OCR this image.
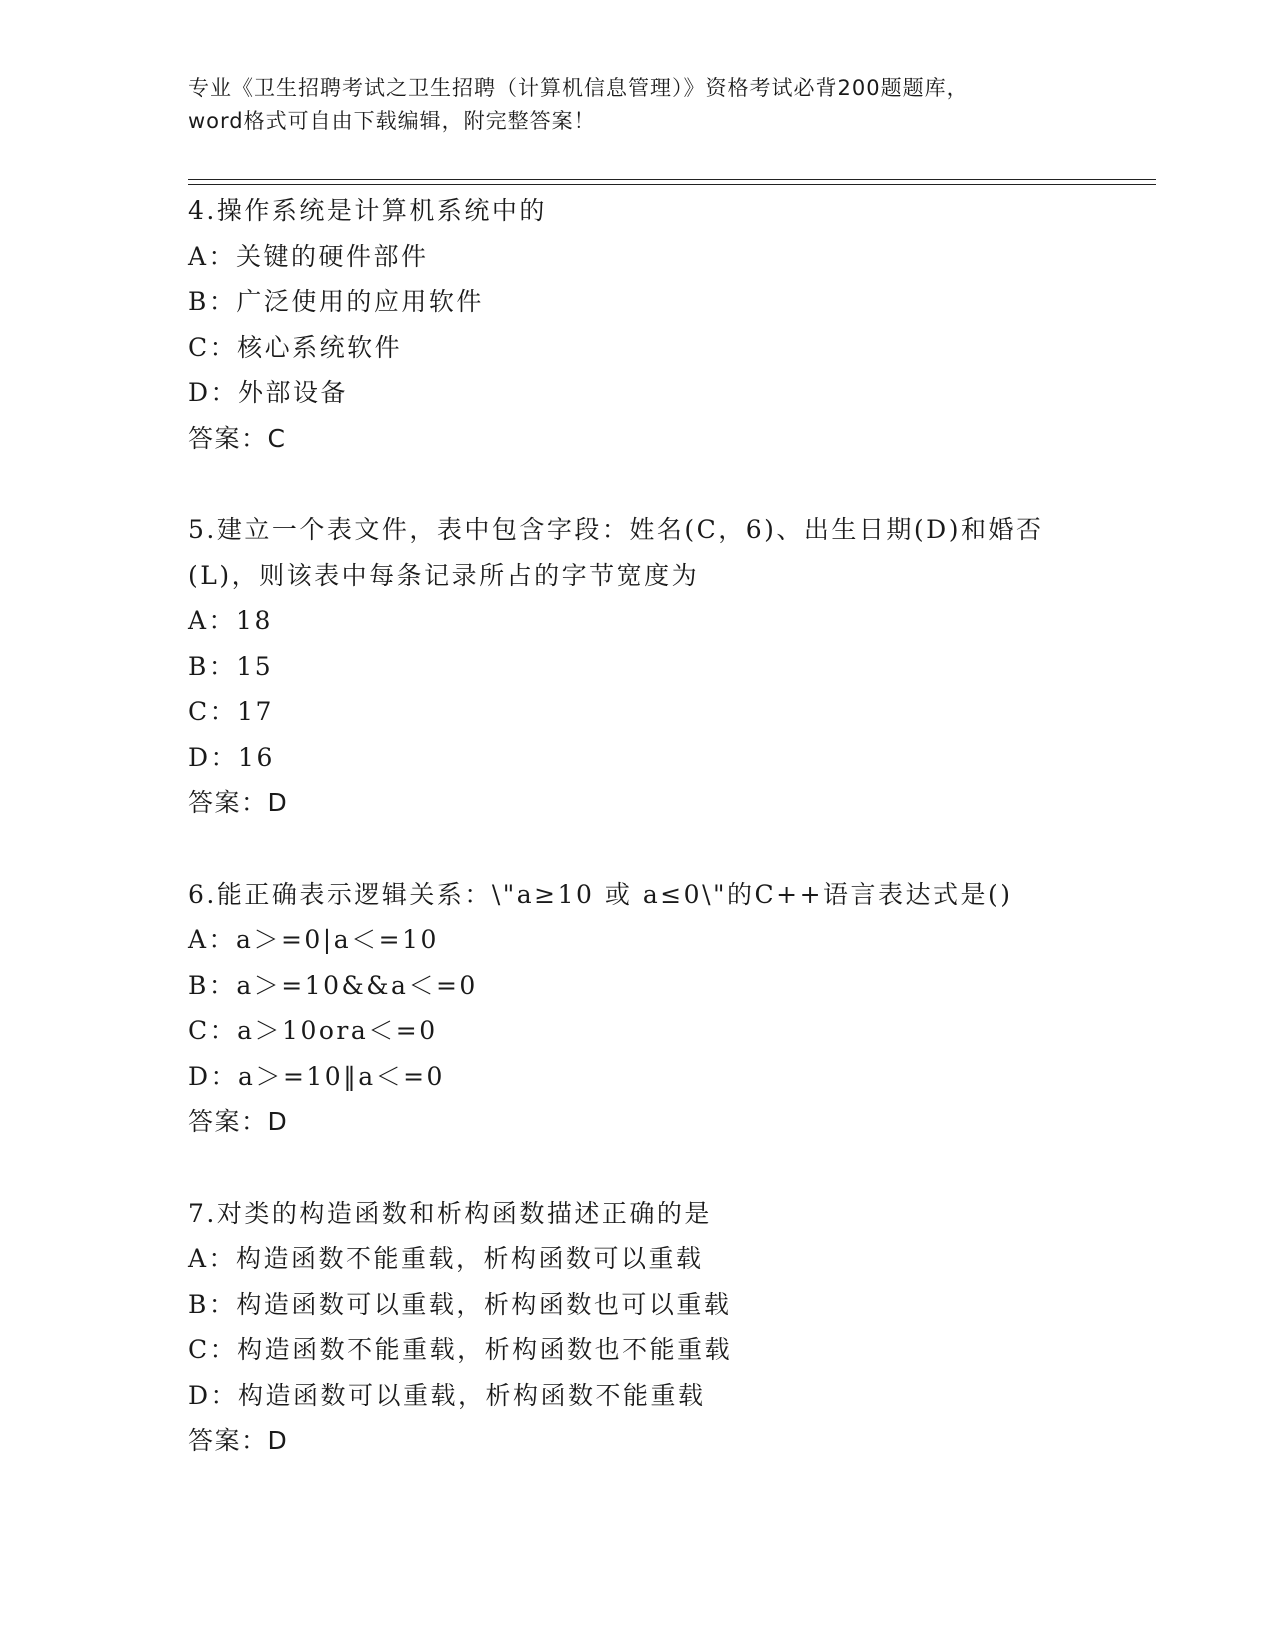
专业《卫生招聘考试之卫生招聘（计算机信息管理）》资格考试必背200题题库，
word格式可自由下载编辑，附完整答案！
4.操作系统是计算机系统中的
A：关键的硬件部件
B：广泛使用的应用软件
C：核心系统软件
D：外部设备
答案：C
5.建立一个表文件，表中包含字段：姓名(C，6)、出生日期(D)和婚否
(L)，则该表中每条记录所占的字节宽度为
A：18
B：15
C：17
D：16
答案：D
6.能正确表示逻辑关系：\"a≥10 或 a≤0\"的C++语言表达式是()
A：a＞=0|a＜=10
B：a＞=10&&a＜=0
C：a＞10ora＜=0
D：a＞=10‖a＜=0
答案：D
7.对类的构造函数和析构函数描述正确的是
A：构造函数不能重载，析构函数可以重载
B：构造函数可以重载，析构函数也可以重载
C：构造函数不能重载，析构函数也不能重载
D：构造函数可以重载，析构函数不能重载
答案：D
